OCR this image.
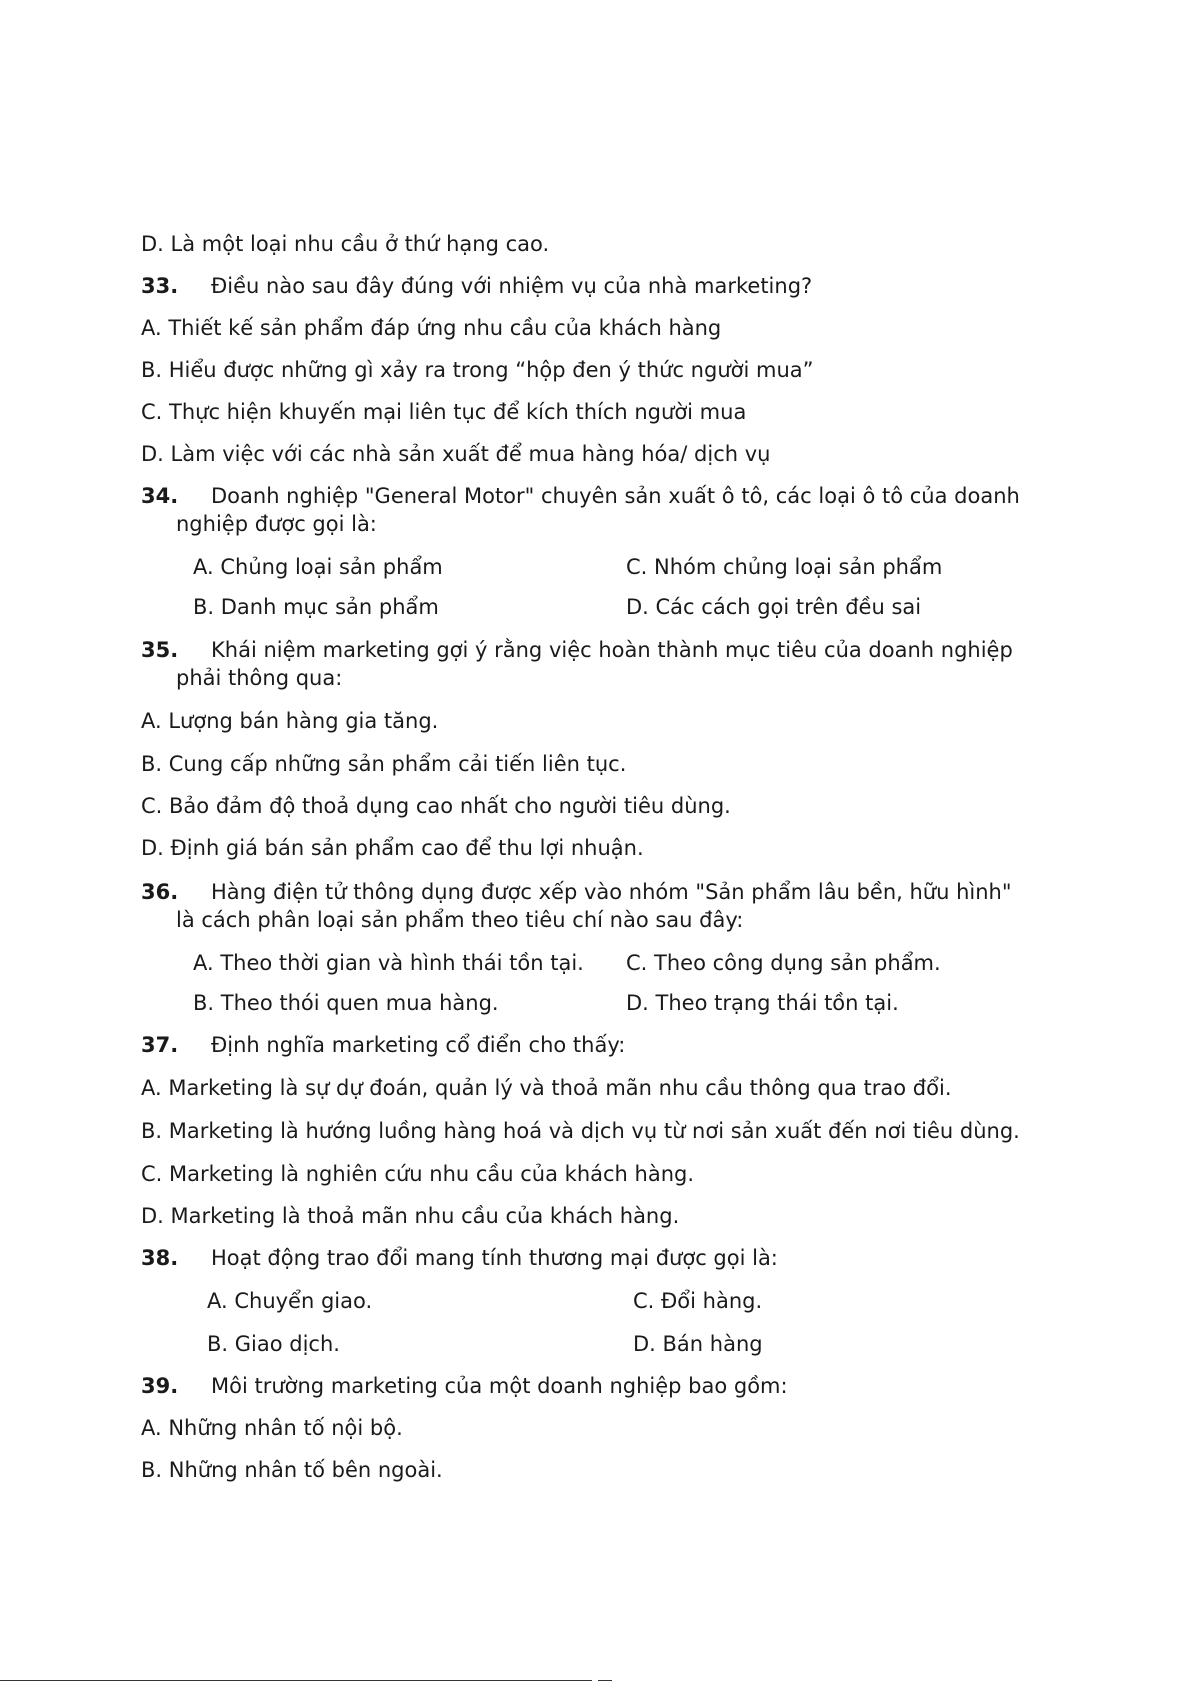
D. Là một loại nhu cầu ở thứ hạng cao.
33. Điều nào sau đây đúng với nhiệm vụ của nhà marketing?
A. Thiết kế sản phẩm đáp ứng nhu cầu của khách hàng
B. Hiểu được những gì xảy ra trong “hộp đen ý thức người mua”
C. Thực hiện khuyến mại liên tục để kích thích người mua
D. Làm việc với các nhà sản xuất để mua hàng hóa/ dịch vụ
34. Doanh nghiệp "General Motor" chuyên sản xuất ô tô, các loại ô tô của doanh
nghiệp được gọi là:
A. Chủng loại sản phẩm	C. Nhóm chủng loại sản phẩm
B. Danh mục sản phẩm	D. Các cách gọi trên đều sai
35. Khái niệm marketing gợi ý rằng việc hoàn thành mục tiêu của doanh nghiệp
phải thông qua:
A. Lượng bán hàng gia tăng.
B. Cung cấp những sản phẩm cải tiến liên tục.
C. Bảo đảm độ thoả dụng cao nhất cho người tiêu dùng.
D. Định giá bán sản phẩm cao để thu lợi nhuận.
36. Hàng điện tử thông dụng được xếp vào nhóm "Sản phẩm lâu bền, hữu hình"
là cách phân loại sản phẩm theo tiêu chí nào sau đây:
A. Theo thời gian và hình thái tồn tại. C. Theo công dụng sản phẩm.
B. Theo thói quen mua hàng.	D. Theo trạng thái tồn tại.
37. Định nghĩa marketing cổ điển cho thấy:
A. Marketing là sự dự đoán, quản lý và thoả mãn nhu cầu thông qua trao đổi.
B. Marketing là hướng luồng hàng hoá và dịch vụ từ nơi sản xuất đến nơi tiêu dùng.
C. Marketing là nghiên cứu nhu cầu của khách hàng.
D. Marketing là thoả mãn nhu cầu của khách hàng.
38. Hoạt động trao đổi mang tính thương mại được gọi là:
A. Chuyển giao.	C. Đổi hàng.
B. Giao dịch.	D. Bán hàng
39. Môi trường marketing của một doanh nghiệp bao gồm:
A. Những nhân tố nội bộ.
B. Những nhân tố bên ngoài.
